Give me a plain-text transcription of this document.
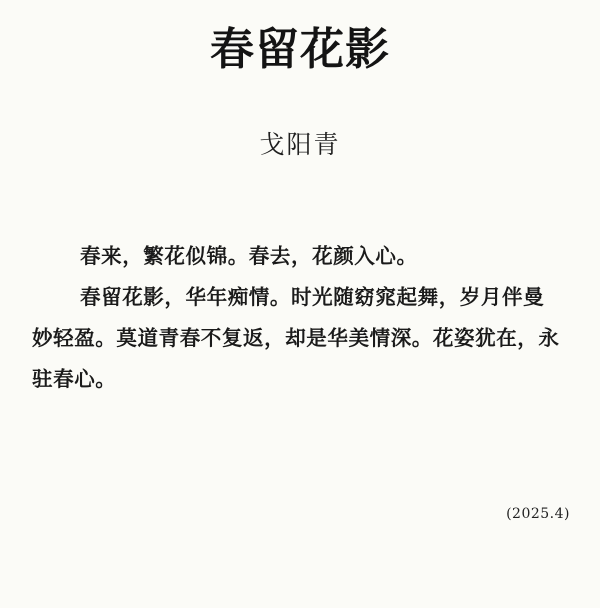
春留花影
戈阳青

春来，繁花似锦。春去，花颜入心。

春留花影，华年痴情。时光随窈窕起舞，岁月伴曼妙轻盈。莫道青春不复返，却是华美情深。花姿犹在，永驻春心。

(2025.4)
